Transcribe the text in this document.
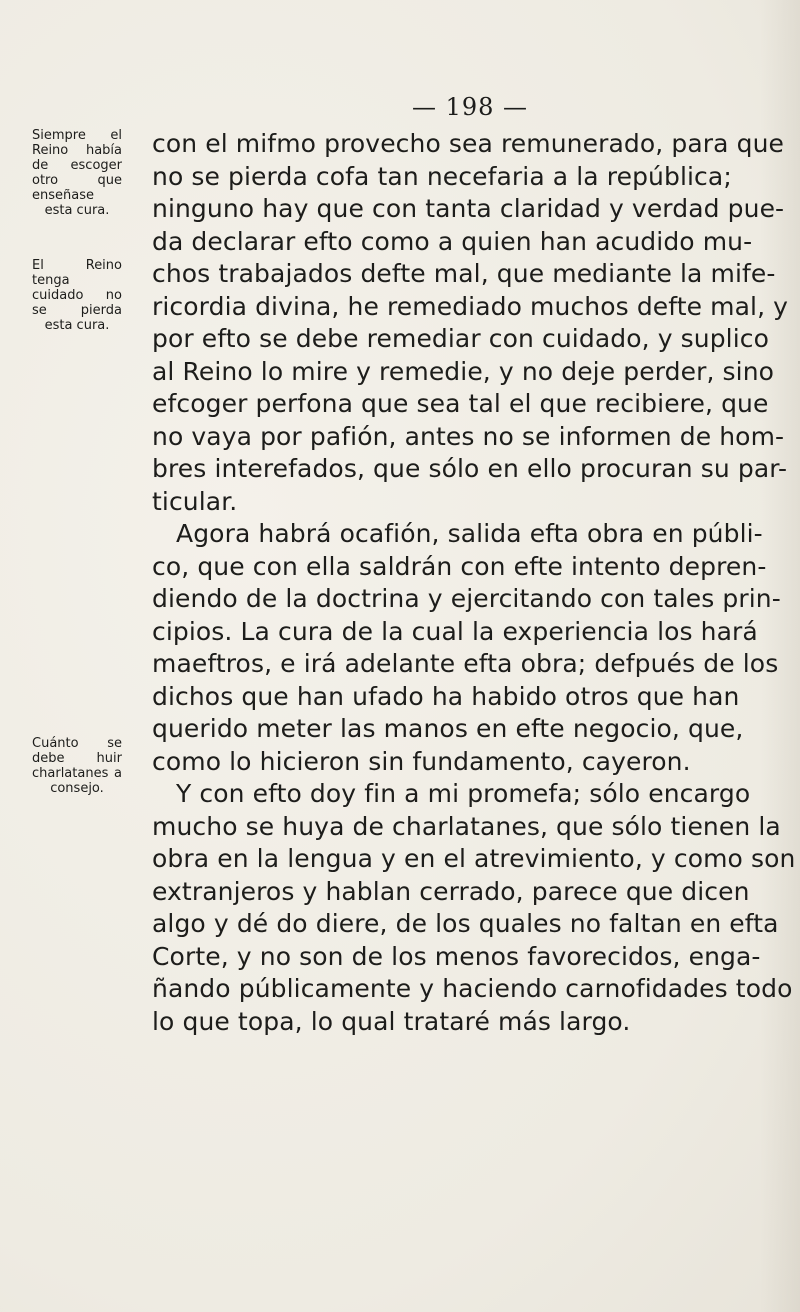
— 198 —
Siempre el Reino había de escoger otro que enseñase esta cura.
El Reino tenga cuidado no se pierda esta cura.
Cuánto se debe huir charlatanes a consejo.
con el mifmo provecho sea remunerado, para que
no se pierda cofa tan necefaria a la república;
ninguno hay que con tanta claridad y verdad pue-
da declarar efto como a quien han acudido mu-
chos trabajados defte mal, que mediante la mife-
ricordia divina, he remediado muchos defte mal, y
por efto se debe remediar con cuidado, y suplico
al Reino lo mire y remedie, y no deje perder, sino
efcoger perfona que sea tal el que recibiere, que
no vaya por pafión, antes no se informen de hom-
bres interefados, que sólo en ello procuran su par-
ticular.
Agora habrá ocafión, salida efta obra en públi-
co, que con ella saldrán con efte intento depren-
diendo de la doctrina y ejercitando con tales prin-
cipios. La cura de la cual la experiencia los hará
maeftros, e irá adelante efta obra; defpués de los
dichos que han ufado ha habido otros que han
querido meter las manos en efte negocio, que,
como lo hicieron sin fundamento, cayeron.
Y con efto doy fin a mi promefa; sólo encargo
mucho se huya de charlatanes, que sólo tienen la
obra en la lengua y en el atrevimiento, y como son
extranjeros y hablan cerrado, parece que dicen
algo y dé do diere, de los quales no faltan en efta
Corte, y no son de los menos favorecidos, enga-
ñando públicamente y haciendo carnofidades todo
lo que topa, lo qual trataré más largo.
